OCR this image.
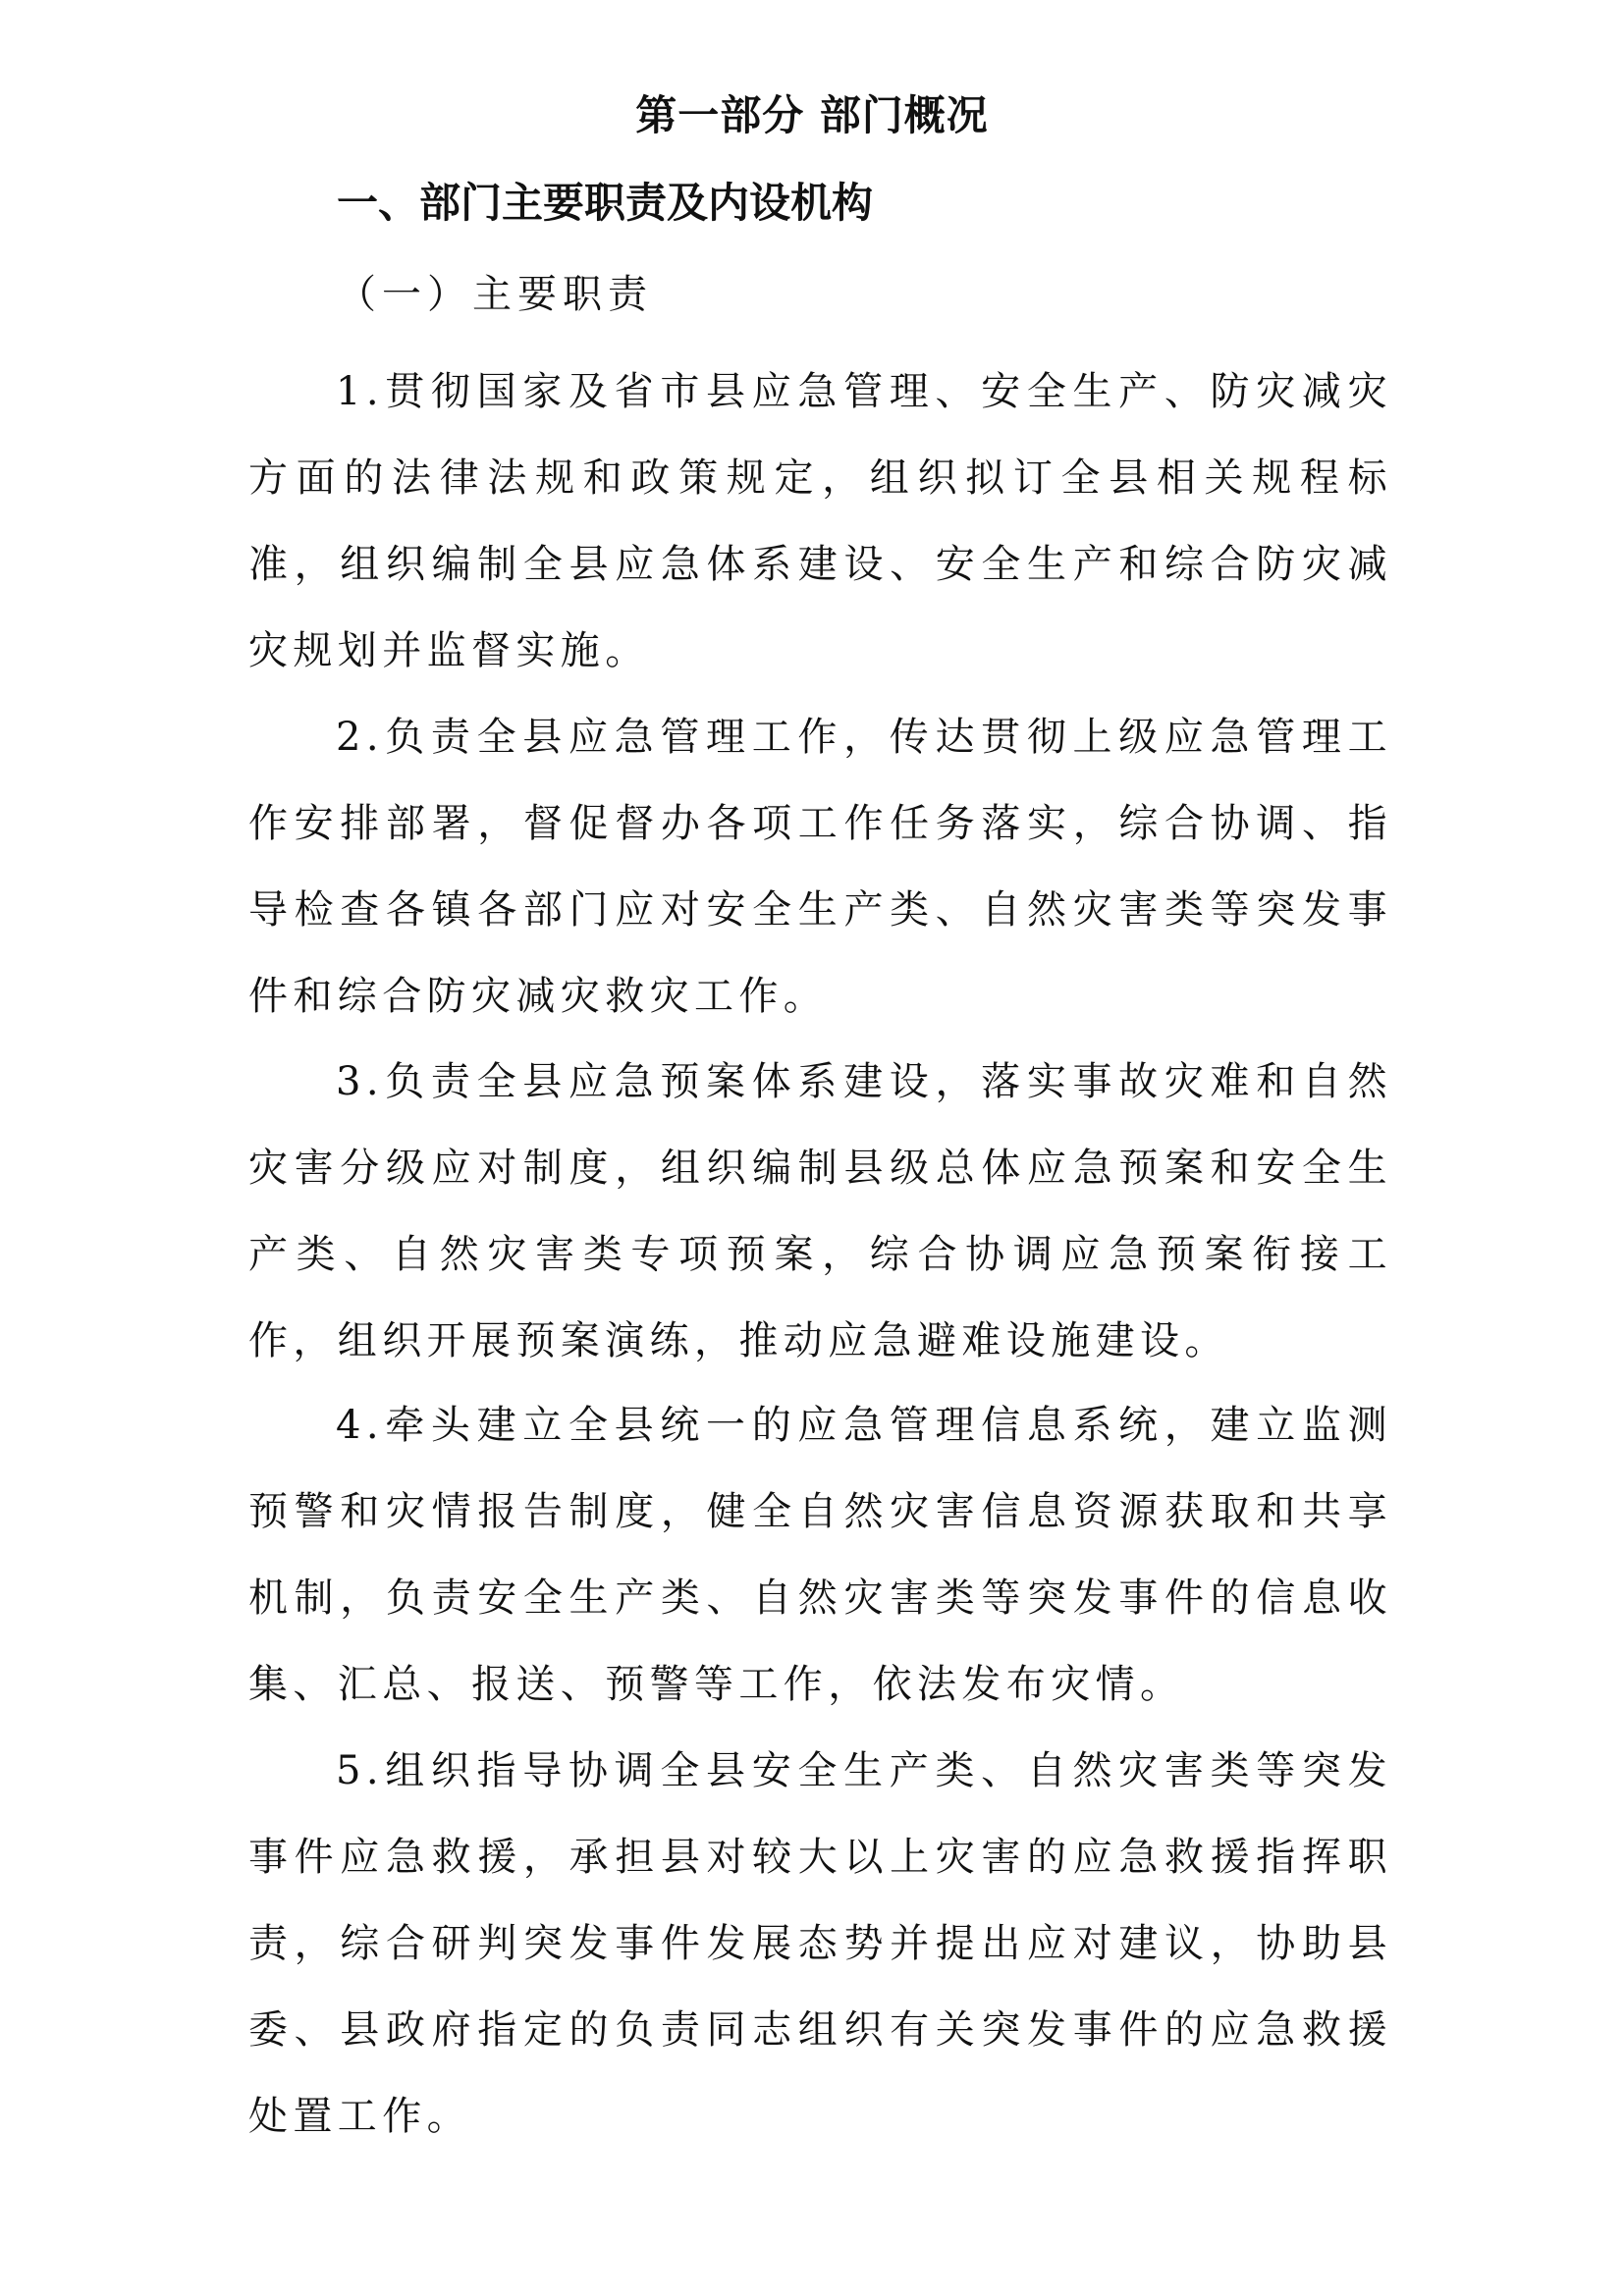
第一部分 部门概况
一、部门主要职责及内设机构
（一）主要职责

1.贯彻国家及省市县应急管理、安全生产、防灾减灾方面的法律法规和政策规定，组织拟订全县相关规程标准，组织编制全县应急体系建设、安全生产和综合防灾减灾规划并监督实施。

2.负责全县应急管理工作，传达贯彻上级应急管理工作安排部署，督促督办各项工作任务落实，综合协调、指导检查各镇各部门应对安全生产类、自然灾害类等突发事件和综合防灾减灾救灾工作。

3.负责全县应急预案体系建设，落实事故灾难和自然灾害分级应对制度，组织编制县级总体应急预案和安全生产类、自然灾害类专项预案，综合协调应急预案衔接工作，组织开展预案演练，推动应急避难设施建设。

4.牵头建立全县统一的应急管理信息系统，建立监测预警和灾情报告制度，健全自然灾害信息资源获取和共享机制，负责安全生产类、自然灾害类等突发事件的信息收集、汇总、报送、预警等工作，依法发布灾情。

5.组织指导协调全县安全生产类、自然灾害类等突发事件应急救援，承担县对较大以上灾害的应急救援指挥职责，综合研判突发事件发展态势并提出应对建议，协助县委、县政府指定的负责同志组织有关突发事件的应急救援处置工作。
